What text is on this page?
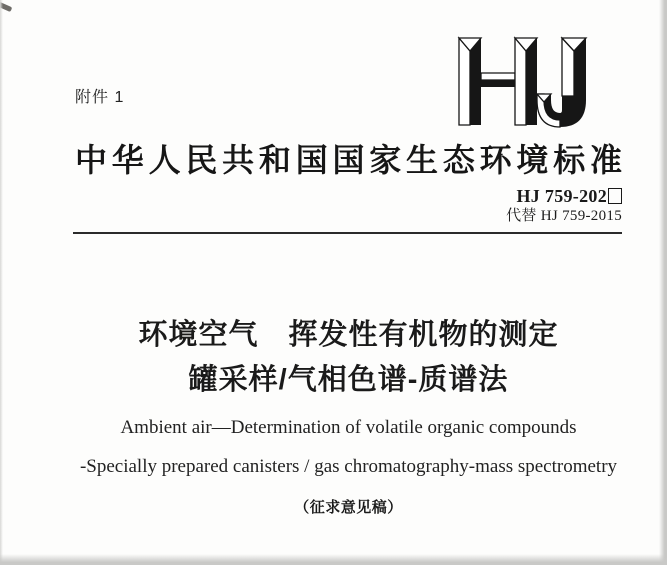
附件 1
中华人民共和国国家生态环境标准
HJ 759-202
代替 HJ 759-2015
环境空气　挥发性有机物的测定
罐采样/气相色谱-质谱法
Ambient air—Determination of volatile organic compounds
-Specially prepared canisters / gas chromatography-mass spectrometry
（征求意见稿）
